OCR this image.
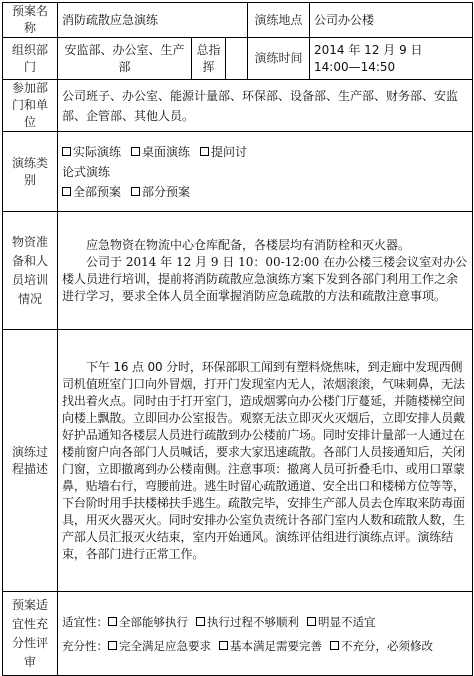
预案名称	消防疏散应急演练			演练地点	公司办公楼
组织部门	安监部、办公室、生产部	总指挥		演练时间	2014 年 12 月 9 日
14:00—14:50

参加部门和单位	公司班子、办公室、能源计量部、环保部、设备部、生产部、财务部、安监部、企管部、其他人员。				
演练类别	实际演练 桌面演练 提问讨论式演练
全部预案 部分预案				

物资准备和人员培训情况	应急物资在物流中心仓库配备，各楼层均有消防栓和灭火器。
公司于 2014 年 12 月 9 日 10：00-12:00 在办公楼三楼会议室对办公楼人员进行培训，提前将消防疏散应急演练方案下发到各部门利用工作之余进行学习，要求全体人员全面掌握消防应急疏散的方法和疏散注意事项。				

演练过程描述	下午 16 点 00 分时，环保部职工闻到有塑料烧焦味，到走廊中发现西侧司机值班室门口向外冒烟，打开门发现室内无人，浓烟滚滚，气味刺鼻，无法找出着火点。同时由于打开室门，造成烟雾向办公楼门厅蔓延，并随楼梯空间向楼上飘散。立即回办公室报告。观察无法立即灭火灭烟后，立即安排人员戴好护品通知各楼层人员进行疏散到办公楼前广场。同时安排计量部一人通过在楼前窗户向各部门人员喊话，要求大家迅速疏散。各部门人员接通知后，关闭门窗，立即撤离到办公楼南侧。注意事项：撤离人员可折叠毛巾、或用口罩蒙鼻，贴墙右行，弯腰前进。逃生时留心疏散通道、安全出口和楼梯方位等等，下台阶时用手扶楼梯扶手逃生。疏散完毕，安排生产部人员去仓库取来防毒面具，用灭火器灭火。同时安排办公室负责统计各部门室内人数和疏散人数，生产部人员汇报灭火结束，室内开始通风。演练评估组进行演练点评。演练结束，各部门进行正常工作。				
预案适宜性充分性评审	适宜性： 全部能够执行 执行过程不够顺利 明显不适宜
充分性： 完全满足应急要求 基本满足需要完善 不充分，必须修改				
